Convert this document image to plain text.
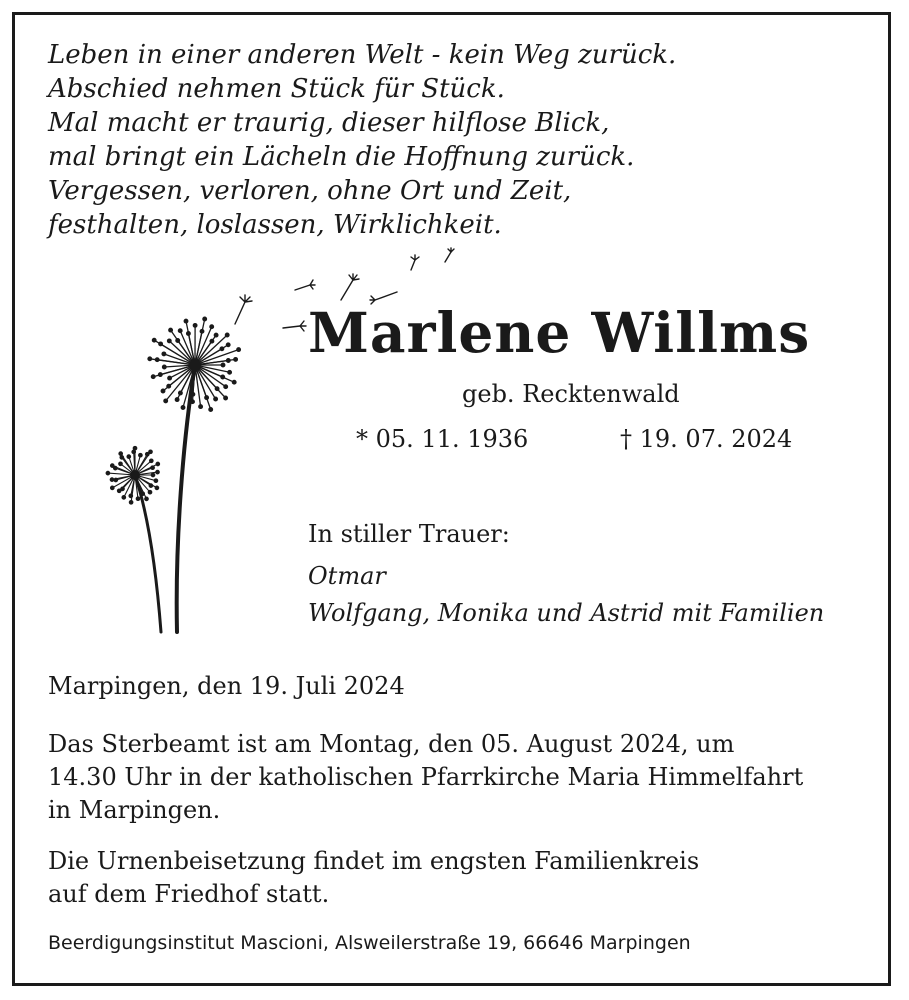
Leben in einer anderen Welt - kein Weg zurück.
Abschied nehmen Stück für Stück.
Mal macht er traurig, dieser hilflose Blick,
mal bringt ein Lächeln die Hoffnung zurück.
Vergessen, verloren, ohne Ort und Zeit,
festhalten, loslassen, Wirklichkeit.
Marlene Willms
geb. Recktenwald
* 05. 11. 1936	† 19. 07. 2024
In stiller Trauer:
Otmar
Wolfgang, Monika und Astrid mit Familien
Marpingen, den 19. Juli 2024
Das Sterbeamt ist am Montag, den 05. August 2024, um
14.30 Uhr in der katholischen Pfarrkirche Maria Himmelfahrt
in Marpingen.
Die Urnenbeisetzung findet im engsten Familienkreis
auf dem Friedhof statt.
Beerdigungsinstitut Mascioni, Alsweilerstraße 19, 66646 Marpingen
